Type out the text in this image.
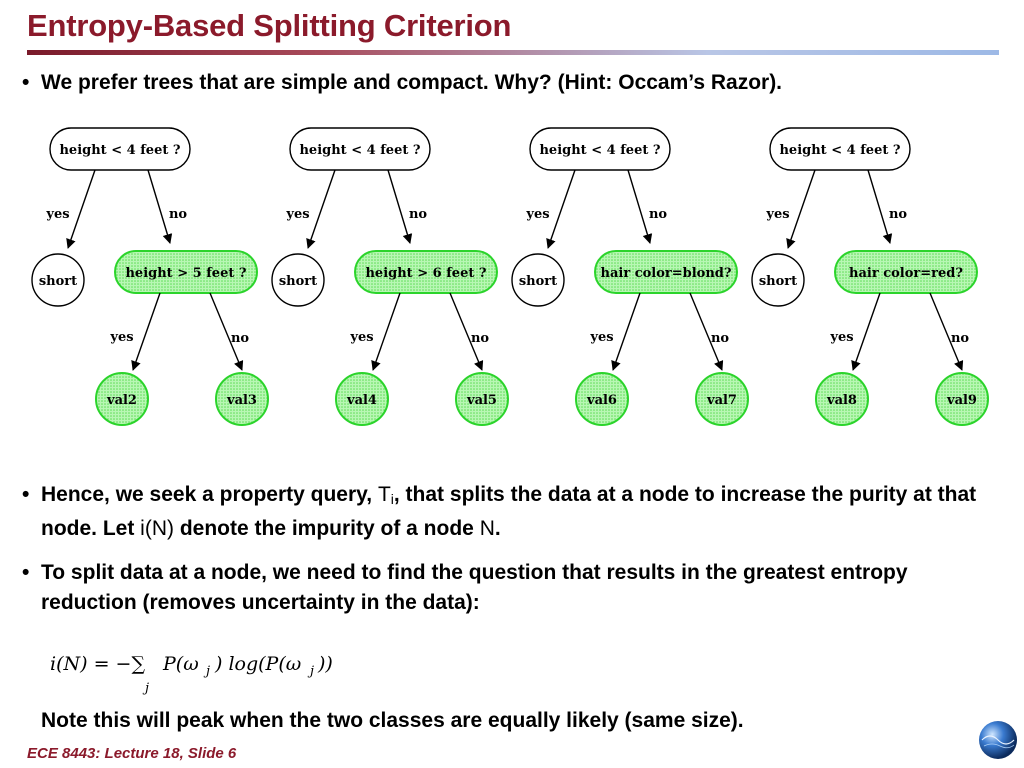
Entropy-Based Splitting Criterion
• We prefer trees that are simple and compact. Why? (Hint: Occam’s Razor).
height < 4 feet ?
yes	no
short
height > 5 feet ?
yes	no
val2	val3
height < 4 feet ?
yes	no
short
height > 6 feet ?
yes	no
val4	val5
height < 4 feet ?
yes	no
short
hair color=blond?
yes	no
val6	val7
height < 4 feet ?
yes	no
short
hair color=red?
yes	no
val8	val9
• Hence, we seek a property query, $T_i$, that splits the data at a node to increase the purity at that node. Let i(N) denote the impurity of a node N.
• To split data at a node, we need to find the question that results in the greatest entropy reduction (removes uncertainty in the data):
i(N) = −∑
j
P(ω j ) log(P(ω j ))
Note this will peak when the two classes are equally likely (same size).
ECE 8443: Lecture 18, Slide 6
